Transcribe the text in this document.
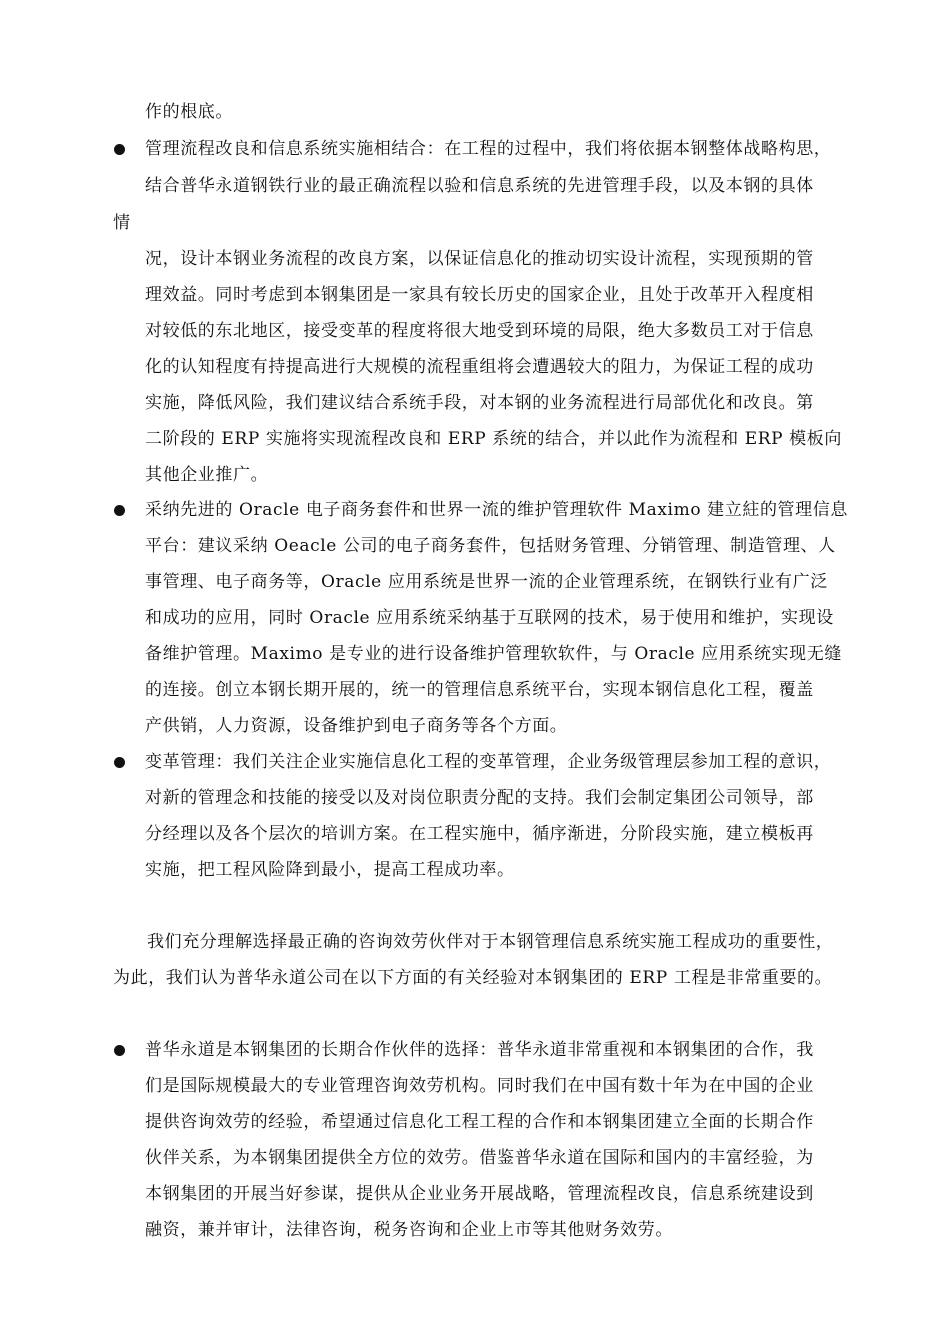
作的根底。
管理流程改良和信息系统实施相结合：在工程的过程中，我们将依据本钢整体战略构思，
结合普华永道钢铁行业的最正确流程以验和信息系统的先进管理手段，以及本钢的具体
情
况，设计本钢业务流程的改良方案，以保证信息化的推动切实设计流程，实现预期的管
理效益。同时考虑到本钢集团是一家具有较长历史的国家企业，且处于改革开入程度相
对较低的东北地区，接受变革的程度将很大地受到环境的局限，绝大多数员工对于信息
化的认知程度有持提高进行大规模的流程重组将会遭遇较大的阻力，为保证工程的成功
实施，降低风险，我们建议结合系统手段，对本钢的业务流程进行局部优化和改良。第
二阶段的 ERP 实施将实现流程改良和 ERP 系统的结合，并以此作为流程和 ERP 模板向
其他企业推广。
采纳先进的 Oracle 电子商务套件和世界一流的维护管理软件 Maximo 建立紸的管理信息
平台：建议采纳 Oeacle 公司的电子商务套件，包括财务管理、分销管理、制造管理、人
事管理、电子商务等，Oracle 应用系统是世界一流的企业管理系统，在钢铁行业有广泛
和成功的应用，同时 Oracle 应用系统采纳基于互联网的技术，易于使用和维护，实现设
备维护管理。Maximo 是专业的进行设备维护管理软软件，与 Oracle 应用系统实现无缝
的连接。创立本钢长期开展的，统一的管理信息系统平台，实现本钢信息化工程，覆盖
产供销，人力资源，设备维护到电子商务等各个方面。
变革管理：我们关注企业实施信息化工程的变革管理，企业务级管理层参加工程的意识，
对新的管理念和技能的接受以及对岗位职责分配的支持。我们会制定集团公司领导，部
分经理以及各个层次的培训方案。在工程实施中，循序渐进，分阶段实施，建立模板再
实施，把工程风险降到最小，提高工程成功率。
我们充分理解选择最正确的咨询效劳伙伴对于本钢管理信息系统实施工程成功的重要性，
为此，我们认为普华永道公司在以下方面的有关经验对本钢集团的 ERP 工程是非常重要的。
普华永道是本钢集团的长期合作伙伴的选择：普华永道非常重视和本钢集团的合作，我
们是国际规模最大的专业管理咨询效劳机构。同时我们在中国有数十年为在中国的企业
提供咨询效劳的经验，希望通过信息化工程工程的合作和本钢集团建立全面的长期合作
伙伴关系，为本钢集团提供全方位的效劳。借鉴普华永道在国际和国内的丰富经验，为
本钢集团的开展当好参谋，提供从企业业务开展战略，管理流程改良，信息系统建设到
融资，兼并审计，法律咨询，税务咨询和企业上市等其他财务效劳。
